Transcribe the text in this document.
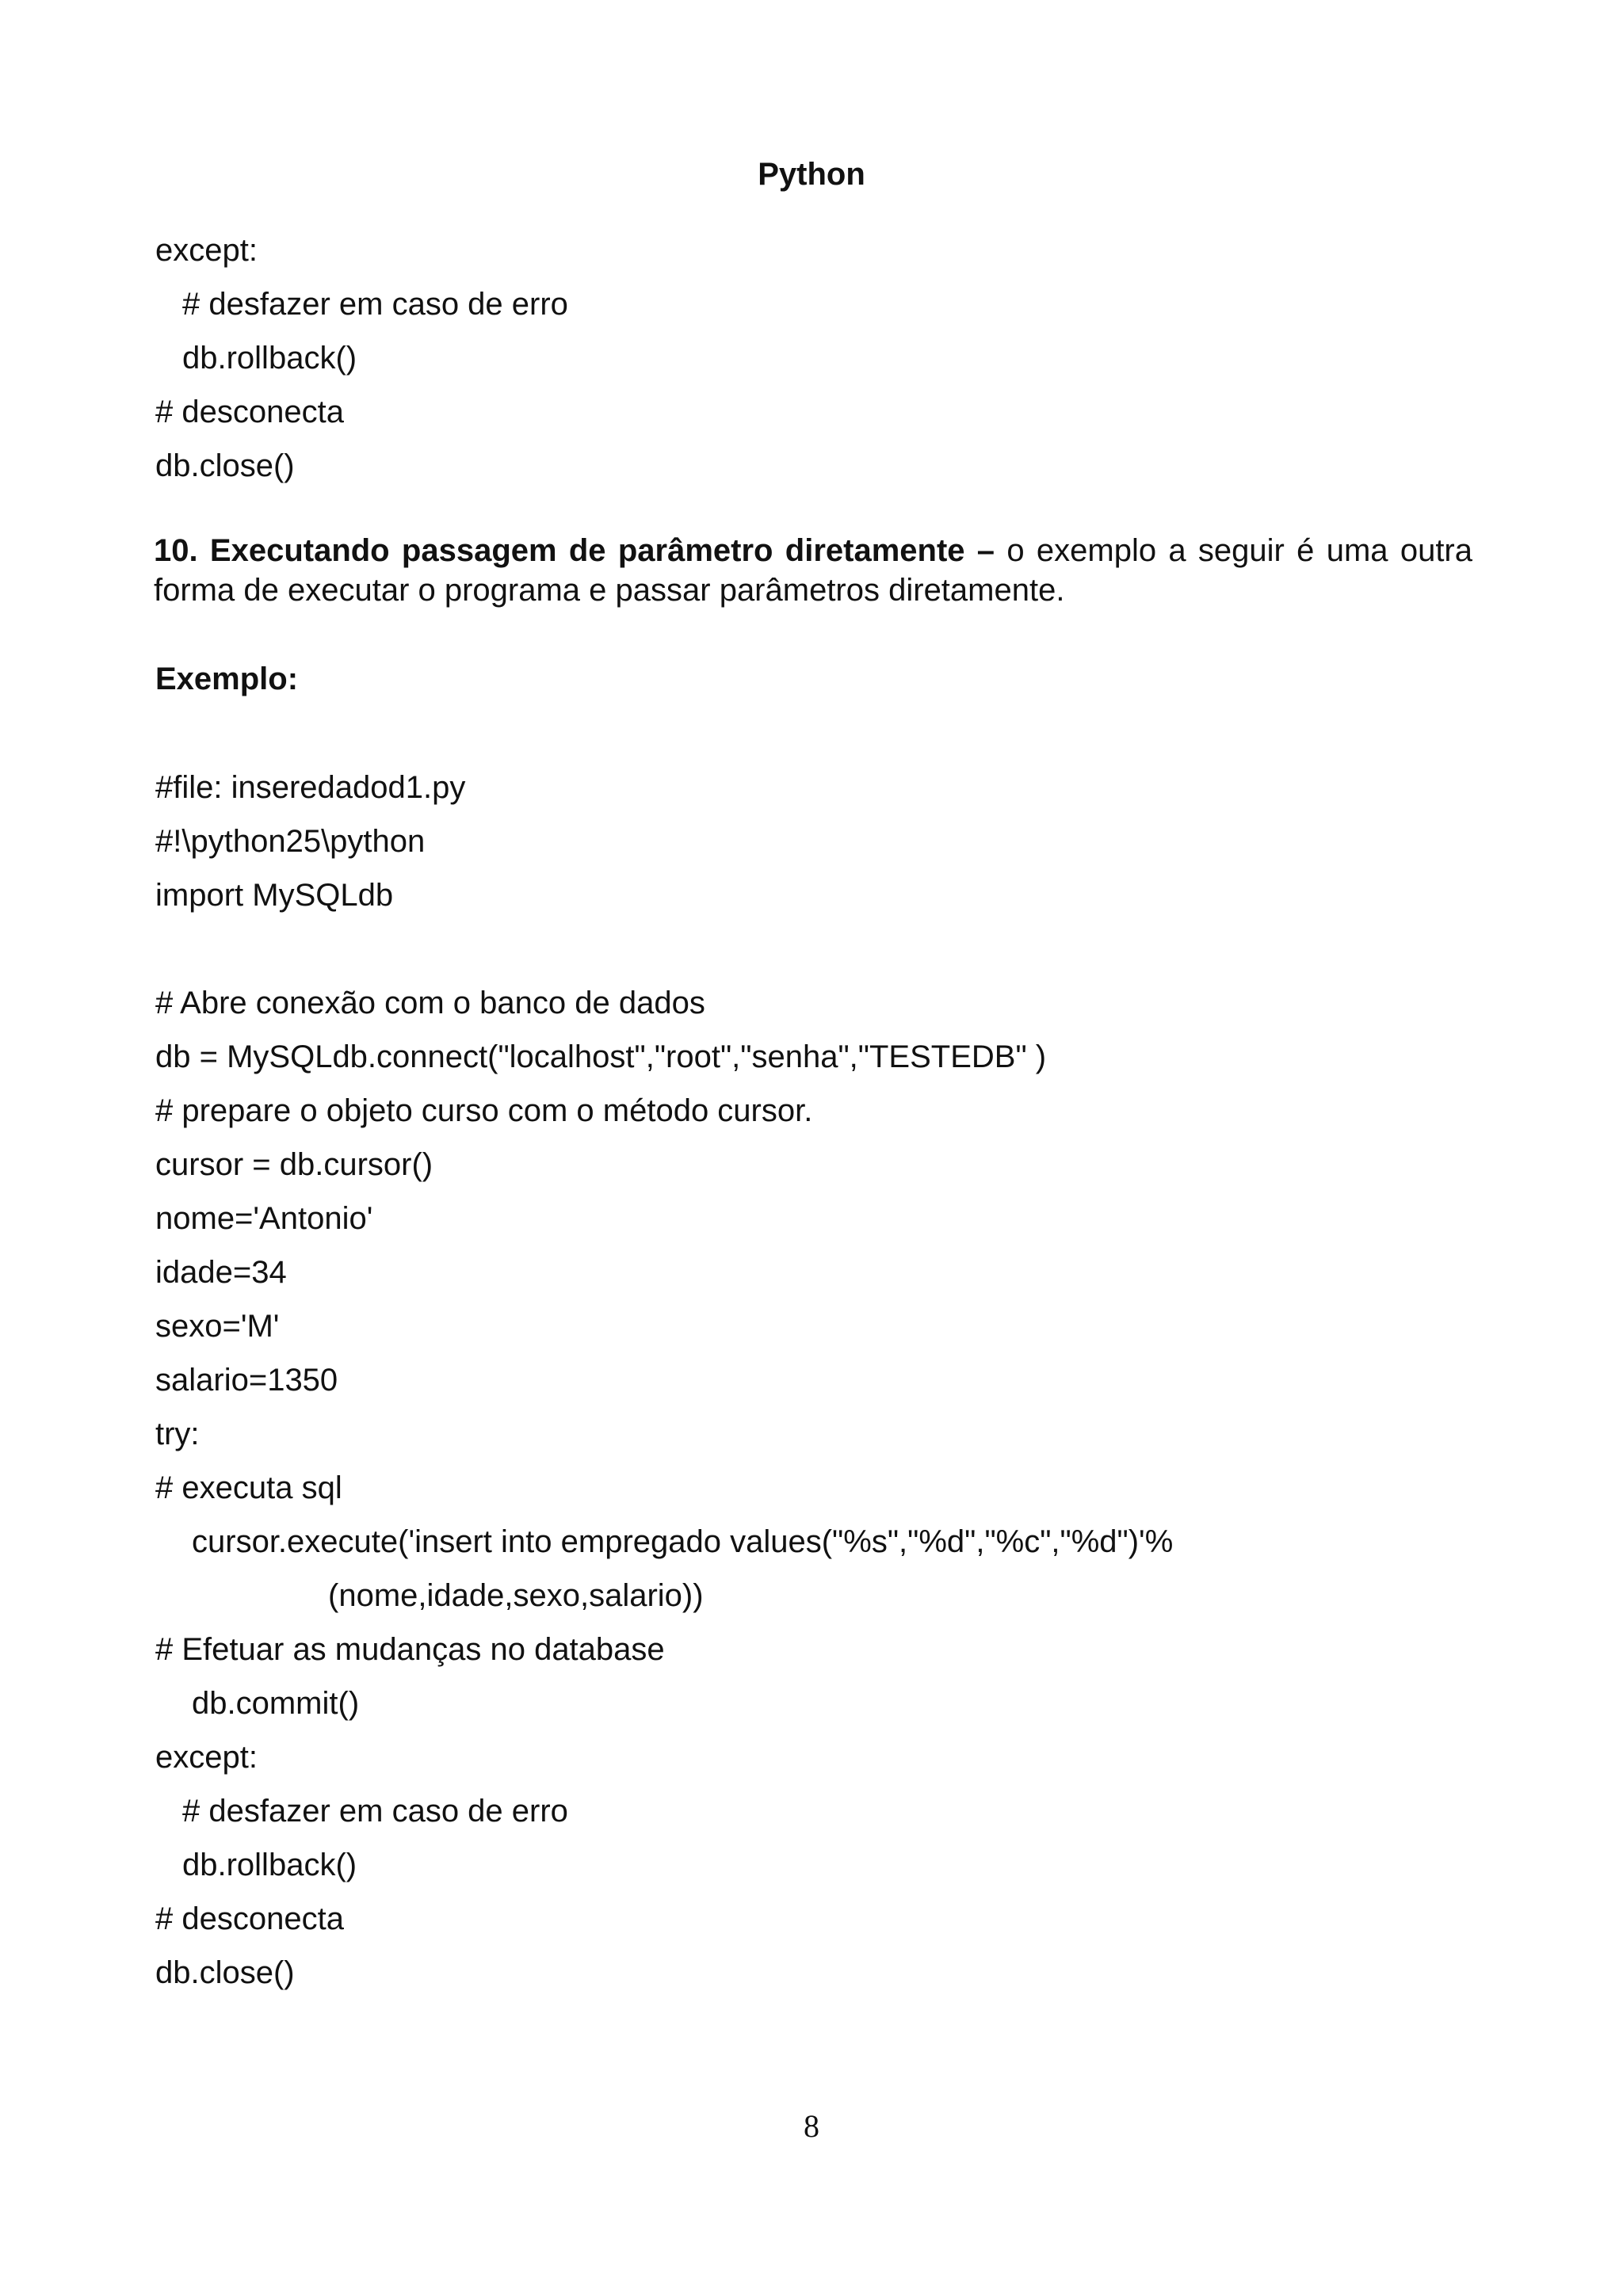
Python
except:
# desfazer em caso de erro
db.rollback()
# desconecta
db.close()
10. Executando passagem de parâmetro diretamente – o exemplo a seguir é uma outra forma de executar o programa e passar parâmetros diretamente.
Exemplo:
#file: inseredadod1.py
#!\python25\python
import MySQLdb
# Abre conexão com o banco de dados
db = MySQLdb.connect("localhost","root","senha","TESTEDB" )
# prepare o objeto curso com o método cursor.
cursor = db.cursor()
nome='Antonio'
idade=34
sexo='M'
salario=1350
try:
# executa sql
cursor.execute('insert into empregado values("%s","%d","%c","%d")'%
(nome,idade,sexo,salario))
# Efetuar as mudanças no database
db.commit()
except:
# desfazer em caso de erro
db.rollback()
# desconecta
db.close()
8
